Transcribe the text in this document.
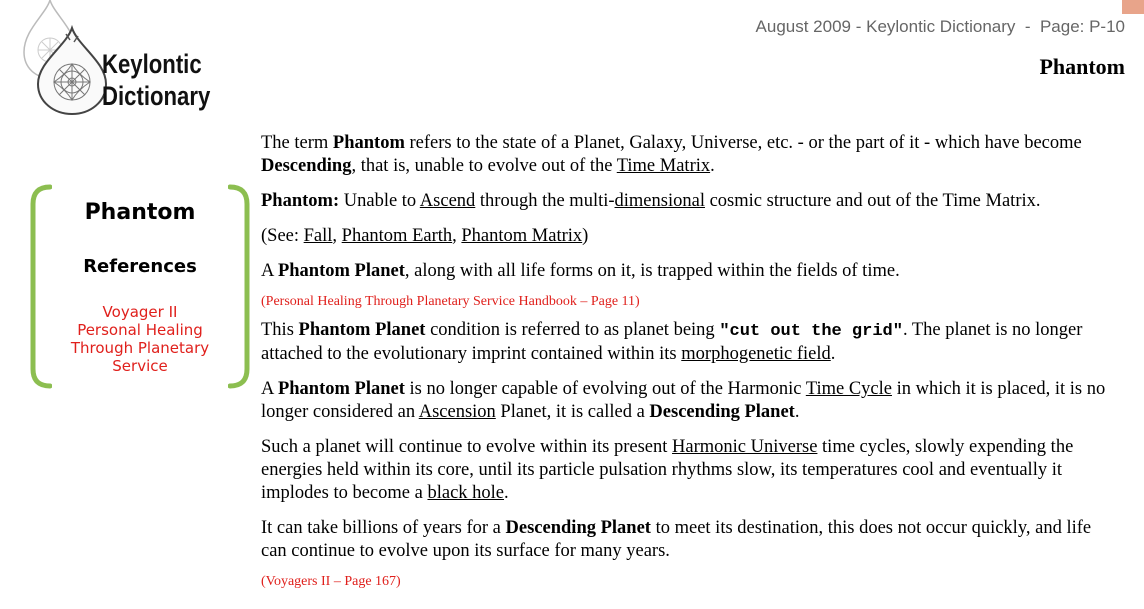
Keylontic
Dictionary
August 2009 - Keylontic Dictionary  -  Page: P-10
Phantom
Phantom
References
Voyager II
Personal Healing
Through Planetary
Service

The term Phantom refers to the state of a Planet, Galaxy, Universe, etc. - or the part of it - which have become Descending, that is, unable to evolve out of the Time Matrix.

Phantom: Unable to Ascend through the multi-dimensional cosmic structure and out of the Time Matrix.

(See: Fall, Phantom Earth, Phantom Matrix)

A Phantom Planet, along with all life forms on it, is trapped within the fields of time.

(Personal Healing Through Planetary Service Handbook – Page 11)

This Phantom Planet condition is referred to as planet being "cut out the grid". The planet is no longer attached to the evolutionary imprint contained within its morphogenetic field.

A Phantom Planet is no longer capable of evolving out of the Harmonic Time Cycle in which it is placed, it is no longer considered an Ascension Planet, it is called a Descending Planet.

Such a planet will continue to evolve within its present Harmonic Universe time cycles, slowly expending the energies held within its core, until its particle pulsation rhythms slow, its temperatures cool and eventually it implodes to become a black hole.

It can take billions of years for a Descending Planet to meet its destination, this does not occur quickly, and life can continue to evolve upon its surface for many years.

(Voyagers II – Page 167)
